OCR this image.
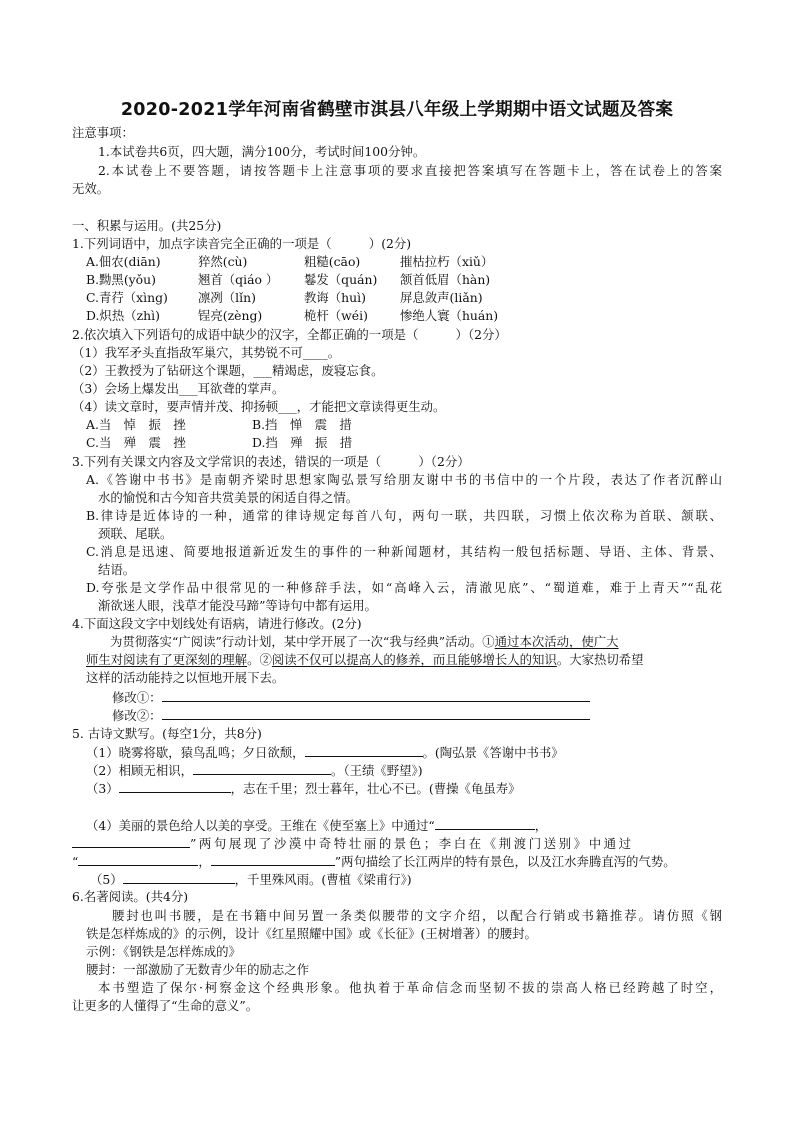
2020-2021学年河南省鹤壁市淇县八年级上学期期中语文试题及答案
注意事项：
1.本试卷共6页，四大题，满分100分，考试时间100分钟。
2.本试卷上不要答题，请按答题卡上注意事项的要求直接把答案填写在答题卡上，答在试卷上的答案
无效。
一、积累与运用。(共25分)
1.下列词语中，加点字读音完全正确的一项是（　　　）(2分)
A.佃农(diān)	猝然(cù)	粗糙(cāo)	摧枯拉朽（xiǔ）
B.黝黑(yǒu)	翘首（qiáo ） 鬈发（quán) 颔首低眉（hàn)
C.青荇（xìng) 凛冽（lǐn)	教诲（huì)	屏息敛声(liǎn)
D.炽热（zhì)	锃亮(zèng)	桅杆（wéi)	惨绝人寰（huán)
2.依次填入下列语句的成语中缺少的汉字，全都正确的一项是（　　　）（2分）
（1）我军矛头直指敌军巢穴，其势锐不可____。
（2）王教授为了钻研这个课题，___精竭虑，废寝忘食。
（3）会场上爆发出___耳欲聋的掌声。
（4）读文章时，要声情并茂、抑扬顿___，才能把文章读得更生动。
A.当　悼　振　挫	B.挡　惮　震　措
C.当　殚　震　挫	D.挡　殚　振　措
3.下列有关课文内容及文学常识的表述，错误的一项是（　　　）（2分）
A.《答谢中书书》是南朝齐梁时思想家陶弘景写给朋友谢中书的书信中的一个片段，表达了作者沉醉山
水的愉悦和古今知音共赏美景的闲适自得之情。
B.律诗是近体诗的一种，通常的律诗规定每首八句，两句一联，共四联，习惯上依次称为首联、颔联、
颈联、尾联。
C.消息是迅速、简要地报道新近发生的事件的一种新闻题材，其结构一般包括标题、导语、主体、背景、
结语。
D.夸张是文学作品中很常见的一种修辞手法，如“高峰入云，清澈见底”、“蜀道难，难于上青天”“乱花
渐欲迷人眼，浅草才能没马蹄”等诗句中都有运用。
4.下面这段文字中划线处有语病，请进行修改。(2分)
为贯彻落实“广阅读”行动计划，某中学开展了一次“我与经典”活动。①通过本次活动，使广大
师生对阅读有了更深刻的理解。②阅读不仅可以提高人的修养，而且能够增长人的知识。大家热切希望
这样的活动能持之以恒地开展下去。
修改①：
修改②：
5. 古诗文默写。(每空1分，共8分)
（1）晓雾将歇，猿鸟乱鸣；夕日欲颓，	。(陶弘景《答谢中书书》
（2）相顾无相识，	。（王绩《野望》)
（3）	，志在千里；烈士暮年，壮心不已。(曹操《龟虽寿》
（4）美丽的景色给人以美的享受。王维在《使至塞上》中通过“	，
”两句展现了沙漠中奇特壮丽的景色；李白在《荆渡门送别》中通过
“	，	”两句描绘了长江两岸的特有景色，以及江水奔腾直泻的气势。
（5）	，千里殊风雨。(曹植《梁甫行》)
6.名著阅读。(共4分)
腰封也叫书腰，是在书籍中间另置一条类似腰带的文字介绍，以配合行销或书籍推荐。请仿照《钢
铁是怎样炼成的》的示例，设计《红星照耀中国》或《长征》(王树增著）的腰封。
示例：《钢铁是怎样炼成的》
腰封：一部激励了无数青少年的励志之作
本书塑造了保尔·柯察金这个经典形象。他执着于革命信念而坚韧不拔的崇高人格已经跨越了时空，
让更多的人懂得了“生命的意义”。
